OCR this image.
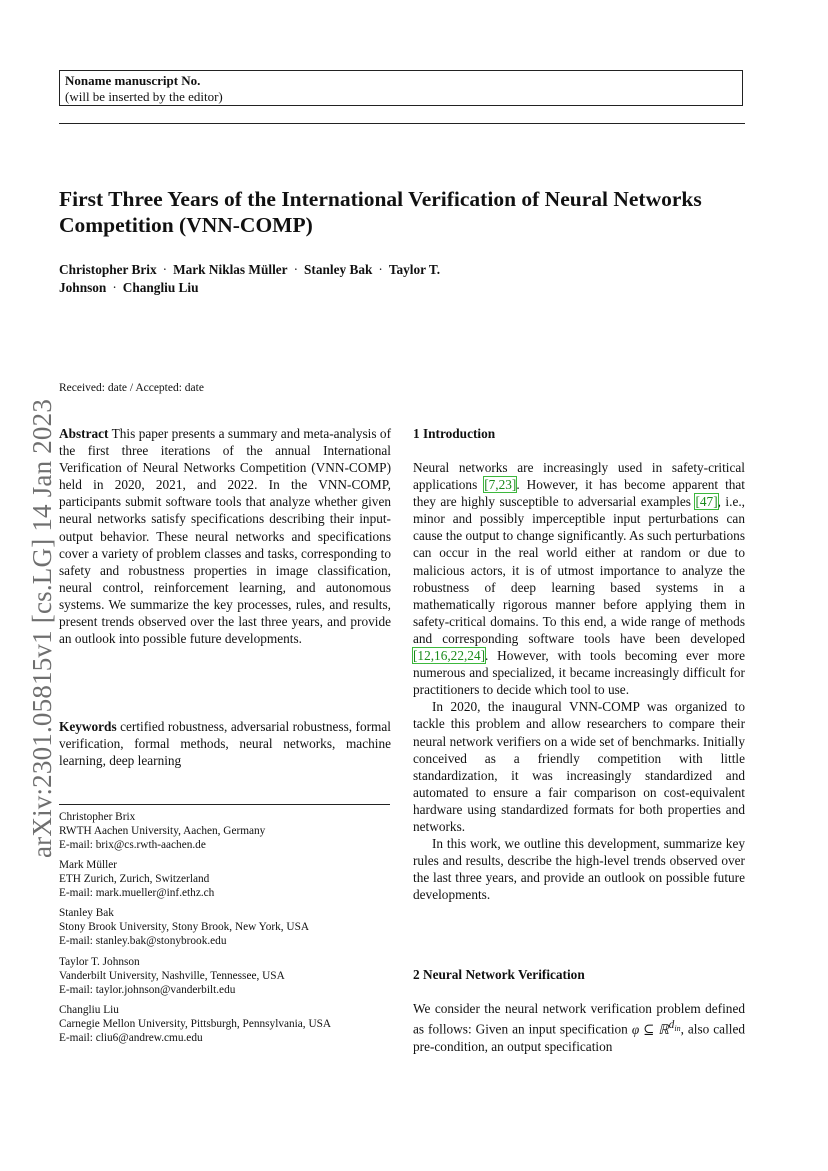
Noname manuscript No.
(will be inserted by the editor)
First Three Years of the International Verification of Neural Networks Competition (VNN-COMP)
Christopher Brix · Mark Niklas Müller · Stanley Bak · Taylor T.
Johnson · Changliu Liu
arXiv:2301.05815v1 [cs.LG] 14 Jan 2023
Received: date / Accepted: date
Abstract This paper presents a summary and meta-analysis of the first three iterations of the annual International Verification of Neural Networks Competition (VNN-COMP) held in 2020, 2021, and 2022. In the VNN-COMP, participants submit software tools that analyze whether given neural networks satisfy specifications describing their input-output behavior. These neural networks and specifications cover a variety of problem classes and tasks, corresponding to safety and robustness properties in image classification, neural control, reinforcement learning, and autonomous systems. We summarize the key processes, rules, and results, present trends observed over the last three years, and provide an outlook into possible future developments.
Keywords certified robustness, adversarial robustness, formal verification, formal methods, neural networks, machine learning, deep learning
Christopher Brix
RWTH Aachen University, Aachen, Germany
E-mail: brix@cs.rwth-aachen.de
Mark Müller
ETH Zurich, Zurich, Switzerland
E-mail: mark.mueller@inf.ethz.ch
Stanley Bak
Stony Brook University, Stony Brook, New York, USA
E-mail: stanley.bak@stonybrook.edu
Taylor T. Johnson
Vanderbilt University, Nashville, Tennessee, USA
E-mail: taylor.johnson@vanderbilt.edu
Changliu Liu
Carnegie Mellon University, Pittsburgh, Pennsylvania, USA
E-mail: cliu6@andrew.cmu.edu
1 Introduction

Neural networks are increasingly used in safety-critical applications [7,23]. However, it has become apparent that they are highly susceptible to adversarial examples [47], i.e., minor and possibly imperceptible input perturbations can cause the output to change significantly. As such perturbations can occur in the real world either at random or due to malicious actors, it is of utmost importance to analyze the robustness of deep learning based systems in a mathematically rigorous manner before applying them in safety-critical domains. To this end, a wide range of methods and corresponding software tools have been developed [12,16,22,24]. However, with tools becoming ever more numerous and specialized, it became increasingly difficult for practitioners to decide which tool to use.

In 2020, the inaugural VNN-COMP was organized to tackle this problem and allow researchers to compare their neural network verifiers on a wide set of benchmarks. Initially conceived as a friendly competition with little standardization, it was increasingly standardized and automated to ensure a fair comparison on cost-equivalent hardware using standardized formats for both properties and networks.

In this work, we outline this development, summarize key rules and results, describe the high-level trends observed over the last three years, and provide an outlook on possible future developments.

2 Neural Network Verification

We consider the neural network verification problem defined as follows: Given an input specification φ ⊆ ℝ$^{d_{in}}$, also called pre-condition, an output specification
